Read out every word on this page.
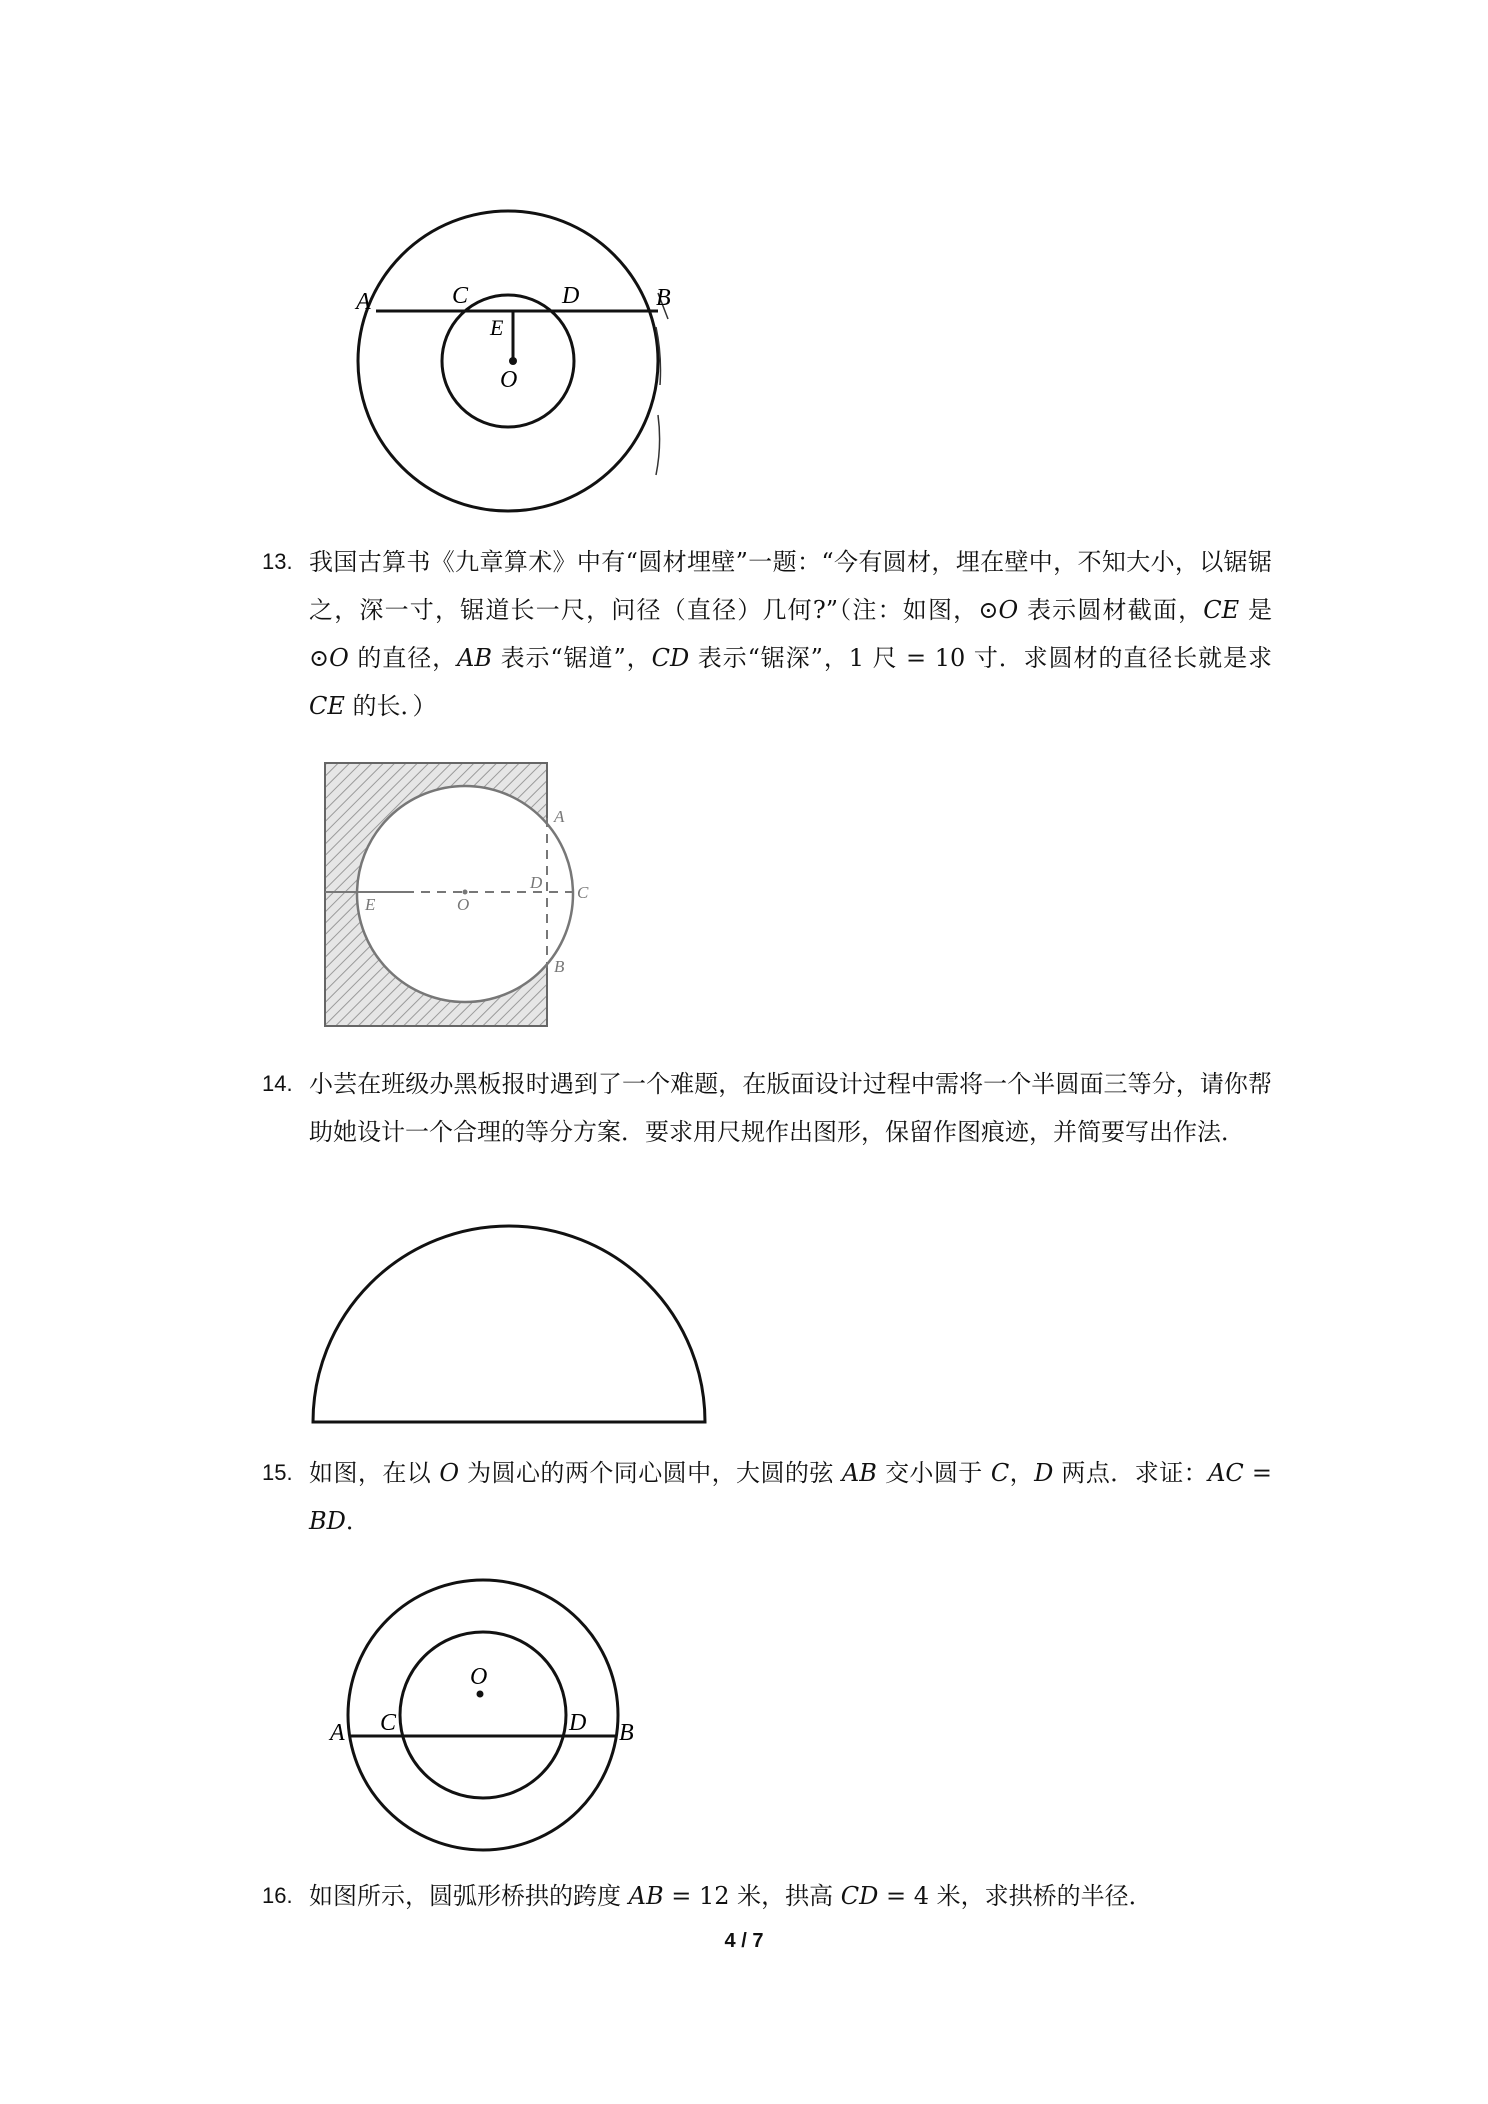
A	C	D	B
E
O
13. 我国古算书《九章算术》中有“圆材埋壁”一题：“今有圆材，埋在壁中，不知大小，以锯锯之，深一寸，锯道长一尺，问径（直径）几何?”（注：如图，⊙𝑂 表示圆材截面，𝐶𝐸 是 ⊙𝑂 的直径，𝐴𝐵 表示“锯道”，𝐶𝐷 表示“锯深”，1 尺 = 10 寸．求圆材的直径长就是求 𝐶𝐸 的长．）
A
D
C
E	O
B
14. 小芸在班级办黑板报时遇到了一个难题，在版面设计过程中需将一个半圆面三等分，请你帮助她设计一个合理的等分方案．要求用尺规作出图形，保留作图痕迹，并简要写出作法．
15. 如图，在以 𝑂 为圆心的两个同心圆中，大圆的弦 𝐴𝐵 交小圆于 𝐶，𝐷 两点．求证：𝐴𝐶 = 𝐵𝐷．
O
A C	D B
16. 如图所示，圆弧形桥拱的跨度 𝐴𝐵 = 12 米，拱高 𝐶𝐷 = 4 米，求拱桥的半径．
4 / 7
